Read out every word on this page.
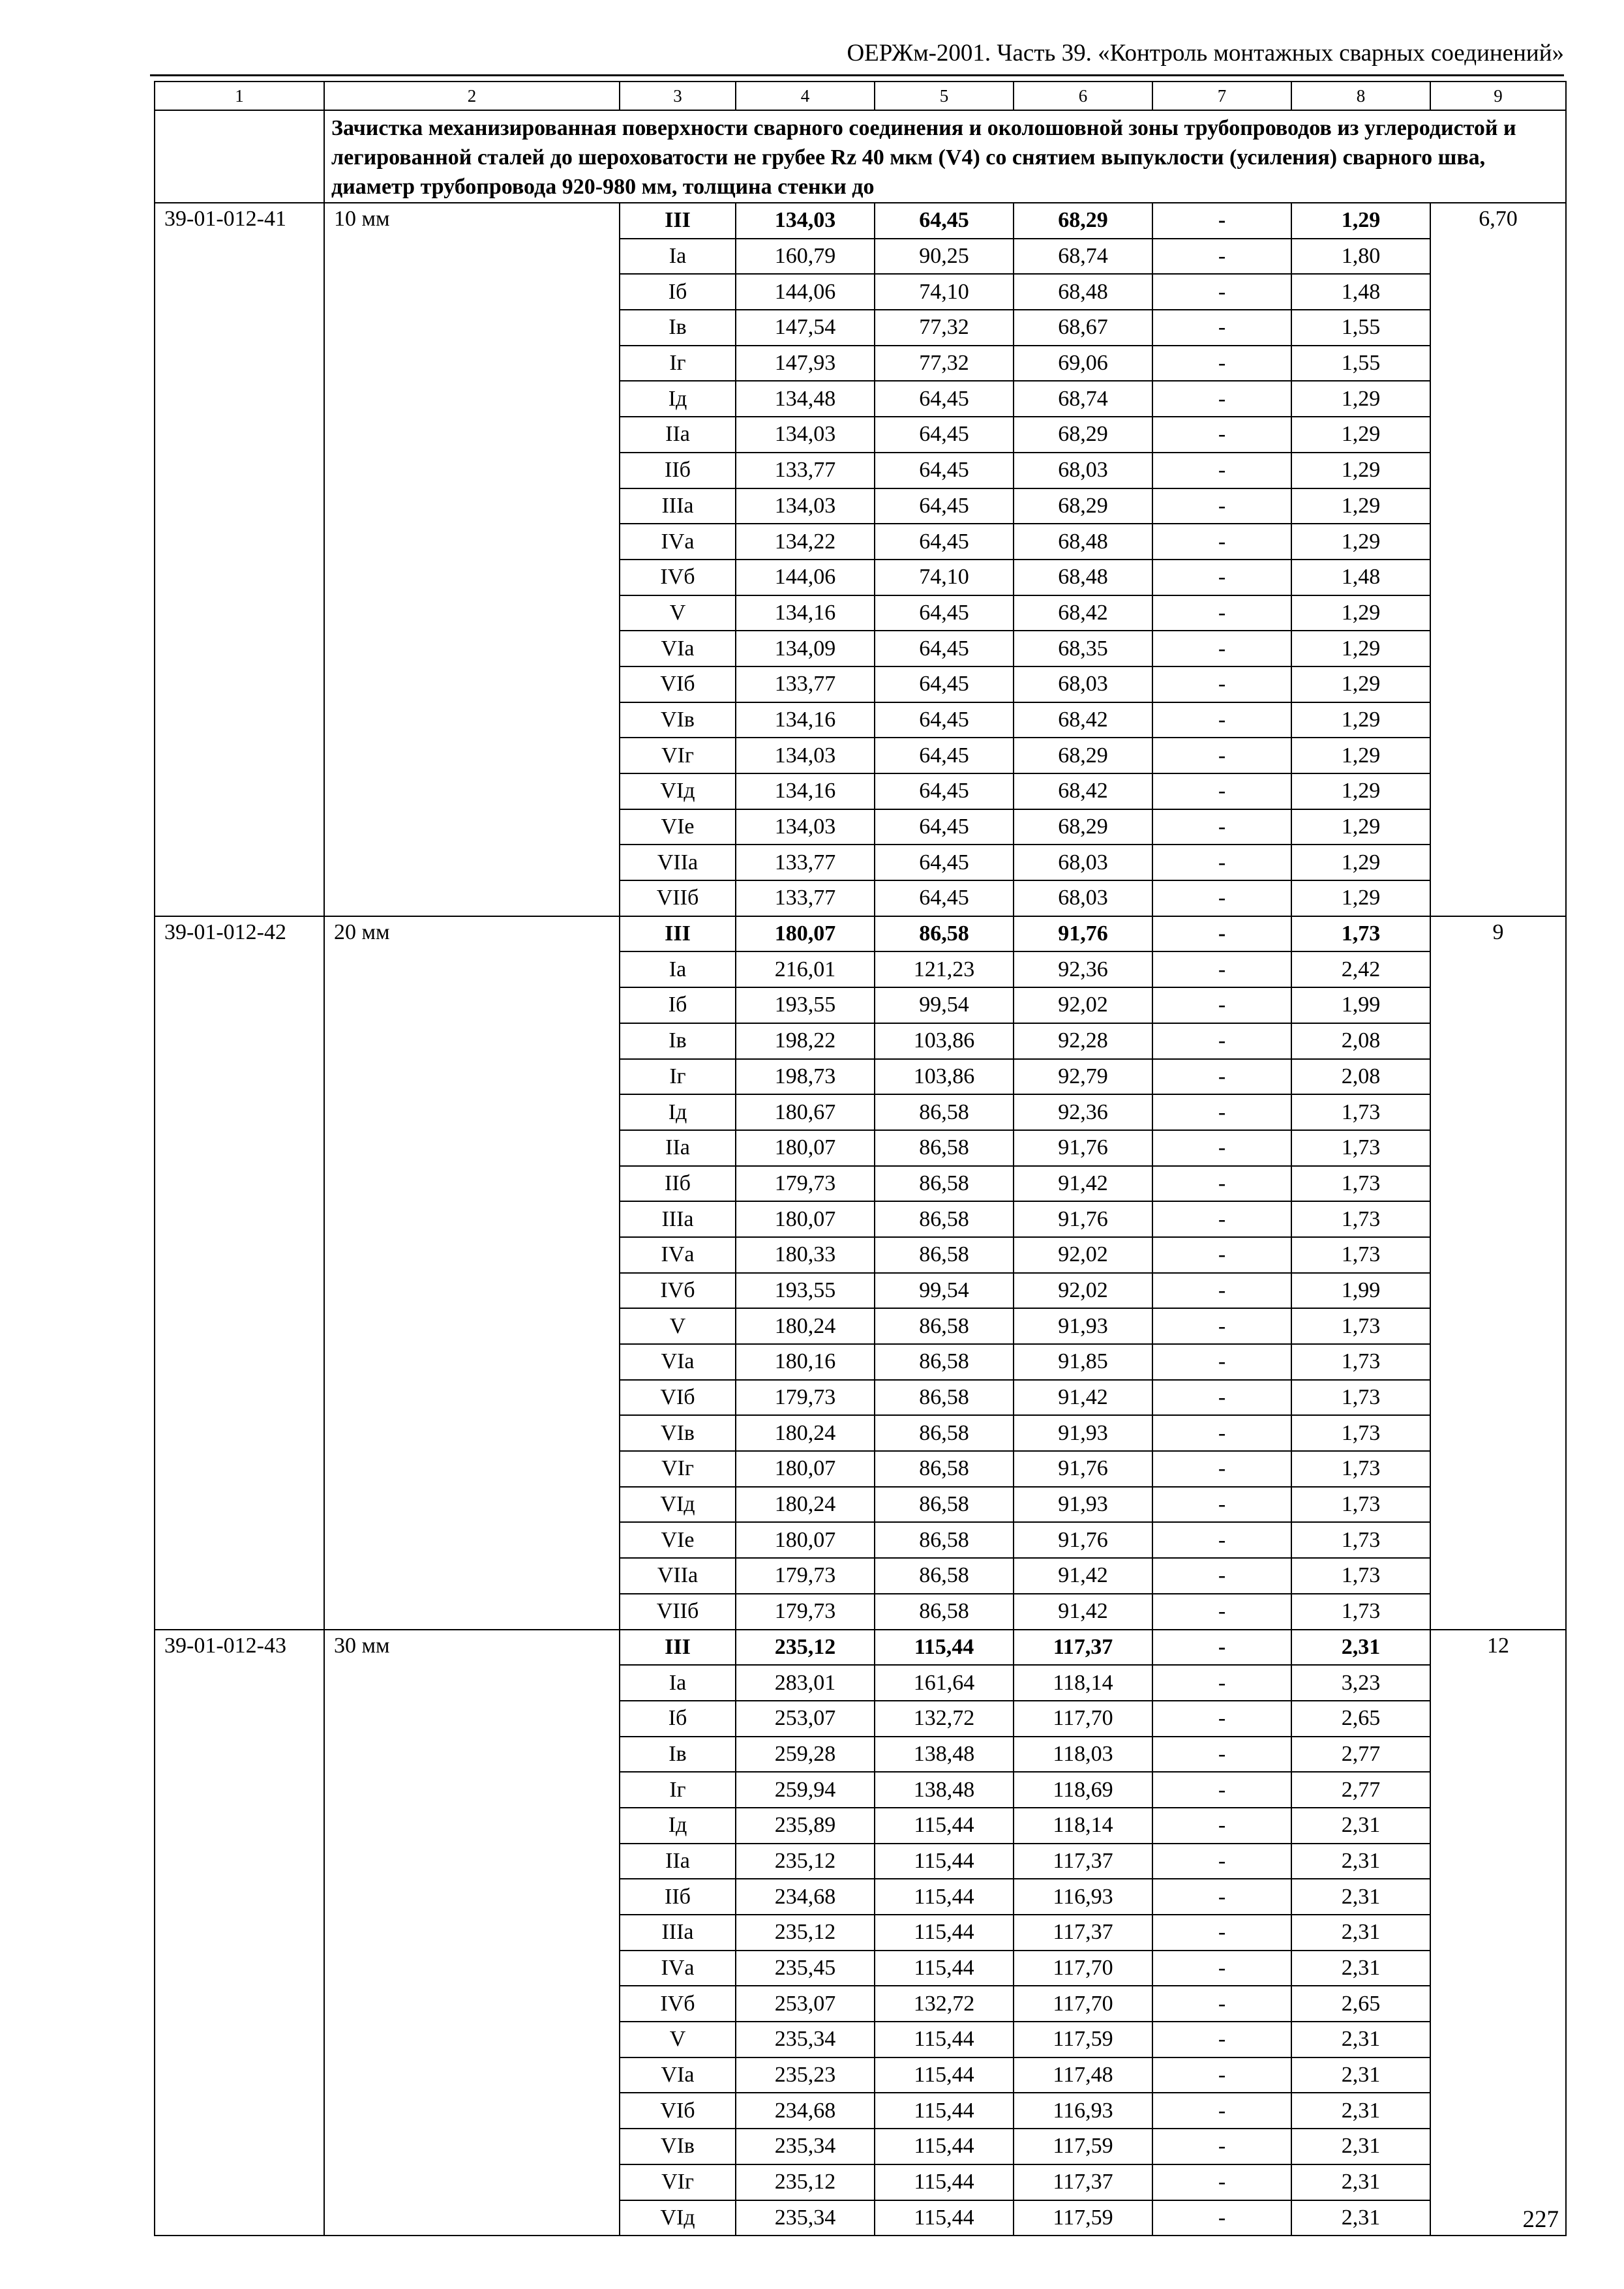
ОЕРЖм-2001. Часть 39. «Контроль монтажных сварных соединений»
1	2	3	4	5	6	7	8	9
	Зачистка механизированная поверхности сварного соединения и околошовной зоны трубопроводов из углеродистой и легированной сталей до шероховатости не грубее Rz 40 мкм (V4) со снятием выпуклости (усиления) сварного шва, диаметр трубопровода 920-980 мм, толщина стенки до							
39-01-012-41	10 мм	III	134,03	64,45	68,29	-	1,29	6,70
		Iа	160,79	90,25	68,74	-	1,80	
		Iб	144,06	74,10	68,48	-	1,48	
		Iв	147,54	77,32	68,67	-	1,55	
		Iг	147,93	77,32	69,06	-	1,55	
		Iд	134,48	64,45	68,74	-	1,29	
		IIа	134,03	64,45	68,29	-	1,29	
		IIб	133,77	64,45	68,03	-	1,29	
		IIIа	134,03	64,45	68,29	-	1,29	
		IVа	134,22	64,45	68,48	-	1,29	
		IVб	144,06	74,10	68,48	-	1,48	
		V	134,16	64,45	68,42	-	1,29	
		VIа	134,09	64,45	68,35	-	1,29	
		VIб	133,77	64,45	68,03	-	1,29	
		VIв	134,16	64,45	68,42	-	1,29	
		VIг	134,03	64,45	68,29	-	1,29	
		VIд	134,16	64,45	68,42	-	1,29	
		VIе	134,03	64,45	68,29	-	1,29	
		VIIа	133,77	64,45	68,03	-	1,29	
		VIIб	133,77	64,45	68,03	-	1,29	
39-01-012-42	20 мм	III	180,07	86,58	91,76	-	1,73	9
		Iа	216,01	121,23	92,36	-	2,42	
		Iб	193,55	99,54	92,02	-	1,99	
		Iв	198,22	103,86	92,28	-	2,08	
		Iг	198,73	103,86	92,79	-	2,08	
		Iд	180,67	86,58	92,36	-	1,73	
		IIа	180,07	86,58	91,76	-	1,73	
		IIб	179,73	86,58	91,42	-	1,73	
		IIIа	180,07	86,58	91,76	-	1,73	
		IVа	180,33	86,58	92,02	-	1,73	
		IVб	193,55	99,54	92,02	-	1,99	
		V	180,24	86,58	91,93	-	1,73	
		VIа	180,16	86,58	91,85	-	1,73	
		VIб	179,73	86,58	91,42	-	1,73	
		VIв	180,24	86,58	91,93	-	1,73	
		VIг	180,07	86,58	91,76	-	1,73	
		VIд	180,24	86,58	91,93	-	1,73	
		VIе	180,07	86,58	91,76	-	1,73	
		VIIа	179,73	86,58	91,42	-	1,73	
		VIIб	179,73	86,58	91,42	-	1,73	
39-01-012-43	30 мм	III	235,12	115,44	117,37	-	2,31	12
		Iа	283,01	161,64	118,14	-	3,23	
		Iб	253,07	132,72	117,70	-	2,65	
		Iв	259,28	138,48	118,03	-	2,77	
		Iг	259,94	138,48	118,69	-	2,77	
		Iд	235,89	115,44	118,14	-	2,31	
		IIа	235,12	115,44	117,37	-	2,31	
		IIб	234,68	115,44	116,93	-	2,31	
		IIIа	235,12	115,44	117,37	-	2,31	
		IVа	235,45	115,44	117,70	-	2,31	
		IVб	253,07	132,72	117,70	-	2,65	
		V	235,34	115,44	117,59	-	2,31	
		VIа	235,23	115,44	117,48	-	2,31	
		VIб	234,68	115,44	116,93	-	2,31	
		VIв	235,34	115,44	117,59	-	2,31	
		VIг	235,12	115,44	117,37	-	2,31	
		VIд	235,34	115,44	117,59	-	2,31		227
